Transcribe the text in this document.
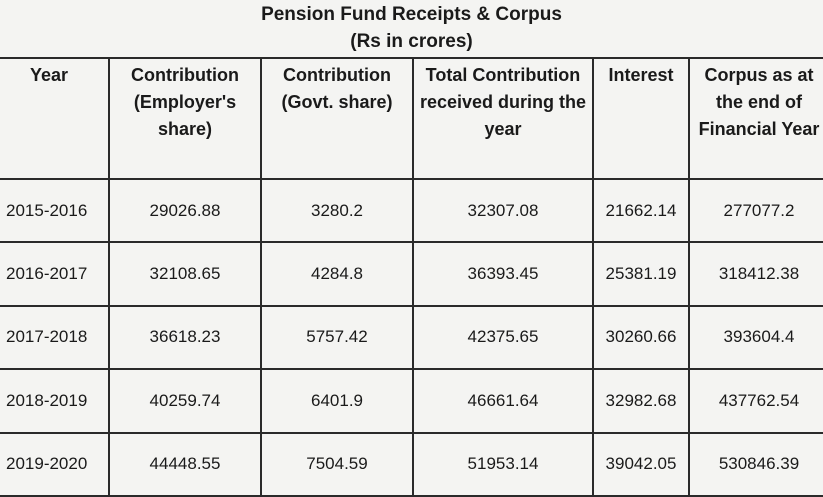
Pension Fund Receipts & Corpus
(Rs in crores)
Year	Contribution (Employer's share)	Contribution (Govt. share)	Total Contribution received during the year	Interest	Corpus as at the end of Financial Year
2015-2016	29026.88	3280.2	32307.08	21662.14	277077.2
2016-2017	32108.65	4284.8	36393.45	25381.19	318412.38
2017-2018	36618.23	5757.42	42375.65	30260.66	393604.4
2018-2019	40259.74	6401.9	46661.64	32982.68	437762.54
2019-2020	44448.55	7504.59	51953.14	39042.05	530846.39
